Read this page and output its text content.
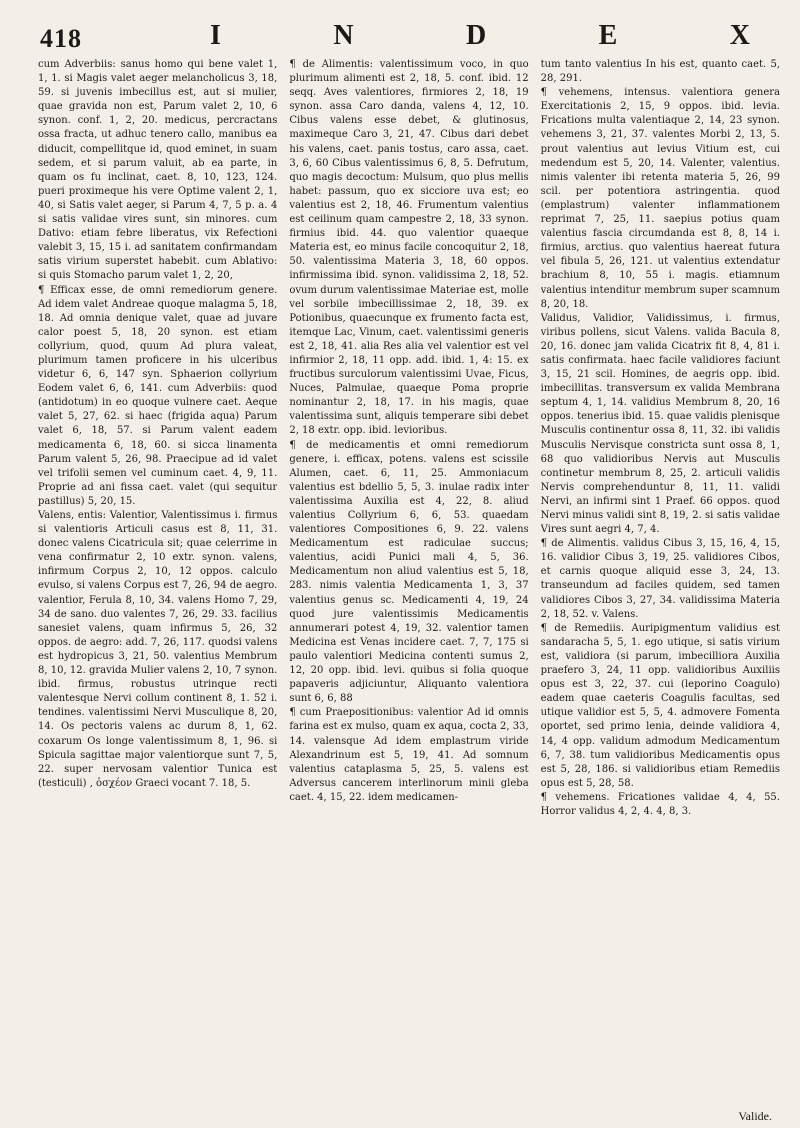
418	I	N	D	E	X

cum Adverbiis: sanus homo qui bene valet 1, 1, 1. si Magis valet aeger melancholicus 3, 18, 59. si juvenis imbecillus est, aut si mulier, quae gravida non est, Parum valet 2, 10, 6 synon. conf. 1, 2, 20. medicus, percractans ossa fracta, ut adhuc tenero callo, manibus ea diducit, compellitque id, quod eminet, in suam sedem, et si parum valuit, ab ea parte, in quam os fu inclinat, caet. 8, 10, 123, 124. pueri proximeque his vere Optime valent 2, 1, 40, si Satis valet aeger, si Parum 4, 7, 5 p. a. 4 si satis validae vires sunt, sin minores. cum Dativo: etiam febre liberatus, vix Refectioni valebit 3, 15, 15 i. ad sanitatem confirmandam satis virium superstet habebit. cum Ablativo: si quis Stomacho parum valet 1, 2, 20,

¶ Efficax esse, de omni remediorum genere. Ad idem valet Andreae quoque malagma 5, 18, 18. Ad omnia denique valet, quae ad juvare calor poest 5, 18, 20 synon. est etiam collyrium, quod, quum Ad plura valeat, plurimum tamen proficere in his ulceribus videtur 6, 6, 147 syn. Sphaerion collyrium Eodem valet 6, 6, 141. cum Adverbiis: quod (antidotum) in eo quoque vulnere caet. Aeque valet 5, 27, 62. si haec (frigida aqua) Parum valet 6, 18, 57. si Parum valent eadem medicamenta 6, 18, 60. si sicca linamenta Parum valent 5, 26, 98. Praecipue ad id valet vel trifolii semen vel cuminum caet. 4, 9, 11. Proprie ad ani fissa caet. valet (qui sequitur pastillus) 5, 20, 15.

Valens, entis: Valentior, Valentissimus i. firmus si valentioris Articuli casus est 8, 11, 31. donec valens Cicatricula sit; quae celerrime in vena confirmatur 2, 10 extr. synon. valens, infirmum Corpus 2, 10, 12 oppos. calculo evulso, si valens Corpus est 7, 26, 94 de aegro. valentior, Ferula 8, 10, 34. valens Homo 7, 29, 34 de sano. duo valentes 7, 26, 29. 33. facilius sanesiet valens, quam infirmus 5, 26, 32 oppos. de aegro: add. 7, 26, 117. quodsi valens est hydropicus 3, 21, 50. valentius Membrum 8, 10, 12. gravida Mulier valens 2, 10, 7 synon. ibid. firmus, robustus utrinque recti valentesque Nervi collum continent 8, 1. 52 i. tendines. valentissimi Nervi Musculique 8, 20, 14. Os pectoris valens ac durum 8, 1, 62. coxarum Os longe valentissimum 8, 1, 96. si Spicula sagittae major valentiorque sunt 7, 5, 22. super nervosam valentior Tunica est (testiculi) , ὀσχέον Graeci vocant 7. 18, 5.

¶ de Alimentis: valentissimum voco, in quo plurimum alimenti est 2, 18, 5. conf. ibid. 12 seqq. Aves valentiores, firmiores 2, 18, 19 synon. assa Caro danda, valens 4, 12, 10. Cibus valens esse debet, & glutinosus, maximeque Caro 3, 21, 47. Cibus dari debet his valens, caet. panis tostus, caro assa, caet. 3, 6, 60 Cibus valentissimus 6, 8, 5. Defrutum, quo magis decoctum: Mulsum, quo plus mellis habet: passum, quo ex sicciore uva est; eo valentius est 2, 18, 46. Frumentum valentius est ceilinum quam campestre 2, 18, 33 synon. firmius ibid. 44. quo valentior quaeque Materia est, eo minus facile concoquitur 2, 18, 50. valentissima Materia 3, 18, 60 oppos. infirmissima ibid. synon. validissima 2, 18, 52. ovum durum valentissimae Materiae est, molle vel sorbile imbecillissimae 2, 18, 39. ex Potionibus, quaecunque ex frumento facta est, itemque Lac, Vinum, caet. valentissimi generis est 2, 18, 41. alia Res alia vel valentior est vel infirmior 2, 18, 11 opp. add. ibid. 1, 4: 15. ex fructibus surculorum valentissimi Uvae, Ficus, Nuces, Palmulae, quaeque Poma proprie nominantur 2, 18, 17. in his magis, quae valentissima sunt, aliquis temperare sibi debet 2, 18 extr. opp. ibid. levioribus.

¶ de medicamentis et omni remediorum genere, i. efficax, potens. valens est scissile Alumen, caet. 6, 11, 25. Ammoniacum valentius est bdellio 5, 5, 3. inulae radix inter valentissima Auxilia est 4, 22, 8. aliud valentius Collyrium 6, 6, 53. quaedam valentiores Compositiones 6, 9. 22. valens Medicamentum est radiculae succus; valentius, acidi Punici mali 4, 5, 36. Medicamentum non aliud valentius est 5, 18, 283. nimis valentia Medicamenta 1, 3, 37 valentius genus sc. Medicamenti 4, 19, 24 quod jure valentissimis Medicamentis annumerari potest 4, 19, 32. valentior tamen Medicina est Venas incidere caet. 7, 7, 175 si paulo valentiori Medicina contenti sumus 2, 12, 20 opp. ibid. levi. quibus si folia quoque papaveris adjiciuntur, Aliquanto valentiora sunt 6, 6, 88

¶ cum Praepositionibus: valentior Ad id omnis farina est ex mulso, quam ex aqua, cocta 2, 33, 14. valensque Ad idem emplastrum viride Alexandrinum est 5, 19, 41. Ad somnum valentius cataplasma 5, 25, 5. valens est Adversus cancerem interlinorum minii gleba caet. 4, 15, 22. idem medicamen-

tum tanto valentius In his est, quanto caet. 5, 28, 291.

¶ vehemens, intensus. valentiora genera Exercitationis 2, 15, 9 oppos. ibid. levia. Frications multa valentiaque 2, 14, 23 synon. vehemens 3, 21, 37. valentes Morbi 2, 13, 5. prout valentius aut levius Vitium est, cui medendum est 5, 20, 14. Valenter, valentius. nimis valenter ibi retenta materia 5, 26, 99 scil. per potentiora astringentia. quod (emplastrum) valenter inflammationem reprimat 7, 25, 11. saepius potius quam valentius fascia circumdanda est 8, 8, 14 i. firmius, arctius. quo valentius haereat futura vel fibula 5, 26, 121. ut valentius extendatur brachium 8, 10, 55 i. magis. etiamnum valentius intenditur membrum super scamnum 8, 20, 18.

Validus, Validior, Validissimus, i. firmus, viribus pollens, sicut Valens. valida Bacula 8, 20, 16. donec jam valida Cicatrix fit 8, 4, 81 i. satis confirmata. haec facile validiores faciunt 3, 15, 21 scil. Homines, de aegris opp. ibid. imbecillitas. transversum ex valida Membrana septum 4, 1, 14. validius Membrum 8, 20, 16 oppos. tenerius ibid. 15. quae validis plenisque Musculis continentur ossa 8, 11, 32. ibi validis Musculis Nervisque constricta sunt ossa 8, 1, 68 quo validioribus Nervis aut Musculis continetur membrum 8, 25, 2. articuli validis Nervis comprehenduntur 8, 11, 11. validi Nervi, an infirmi sint 1 Praef. 66 oppos. quod Nervi minus validi sint 8, 19, 2. si satis validae Vires sunt aegri 4, 7, 4.

¶ de Alimentis. validus Cibus 3, 15, 16, 4, 15, 16. validior Cibus 3, 19, 25. validiores Cibos, et carnis quoque aliquid esse 3, 24, 13. transeundum ad faciles quidem, sed tamen validiores Cibos 3, 27, 34. validissima Materia 2, 18, 52. v. Valens.

¶ de Remediis. Auripigmentum validius est sandaracha 5, 5, 1. ego utique, si satis virium est, validiora (si parum, imbecilliora Auxilia praefero 3, 24, 11 opp. validioribus Auxiliis opus est 3, 22, 37. cui (leporino Coagulo) eadem quae caeteris Coagulis facultas, sed utique validior est 5, 5, 4. admovere Fomenta oportet, sed primo lenia, deinde validiora 4, 14, 4 opp. validum admodum Medicamentum 6, 7, 38. tum validioribus Medicamentis opus est 5, 28, 186. si validioribus etiam Remediis opus est 5, 28, 58.

¶ vehemens. Fricationes validae 4, 4, 55. Horror validus 4, 2, 4. 4, 8, 3.

Valide.
